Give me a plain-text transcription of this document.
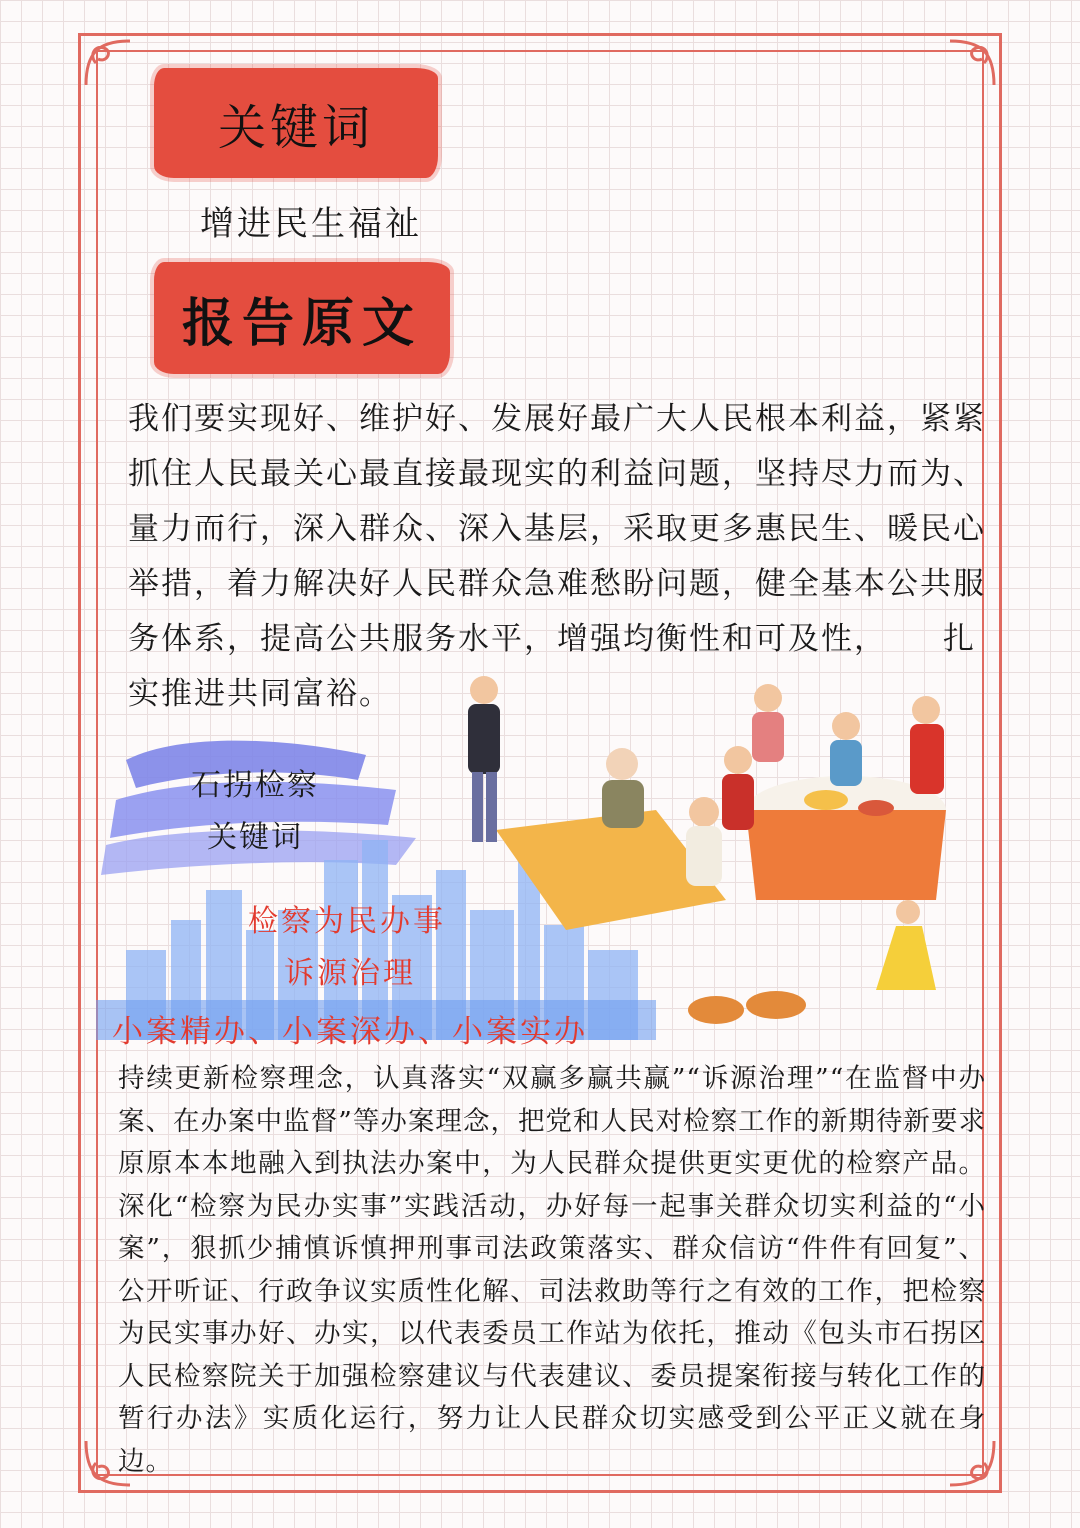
关键词
增进民生福祉
报告原文
我们要实现好、维护好、发展好最广大人民根本利益，紧紧抓住人民最关心最直接最现实的利益问题，坚持尽力而为、量力而行，深入群众、深入基层，采取更多惠民生、暖民心举措，着力解决好人民群众急难愁盼问题，健全基本公共服务体系，提高公共服务水平，增强均衡性和可及性， 扎实推进共同富裕。
石拐检察
关键词
检察为民办事
诉源治理
小案精办、小案深办、小案实办
持续更新检察理念，认真落实“双赢多赢共赢”“诉源治理”“在监督中办案、在办案中监督”等办案理念，把党和人民对检察工作的新期待新要求原原本本地融入到执法办案中，为人民群众提供更实更优的检察产品。深化“检察为民办实事”实践活动，办好每一起事关群众切实利益的“小案”，狠抓少捕慎诉慎押刑事司法政策落实、群众信访“件件有回复”、公开听证、行政争议实质性化解、司法救助等行之有效的工作，把检察为民实事办好、办实，以代表委员工作站为依托，推动《包头市石拐区人民检察院关于加强检察建议与代表建议、委员提案衔接与转化工作的暂行办法》实质化运行，努力让人民群众切实感受到公平正义就在身边。
